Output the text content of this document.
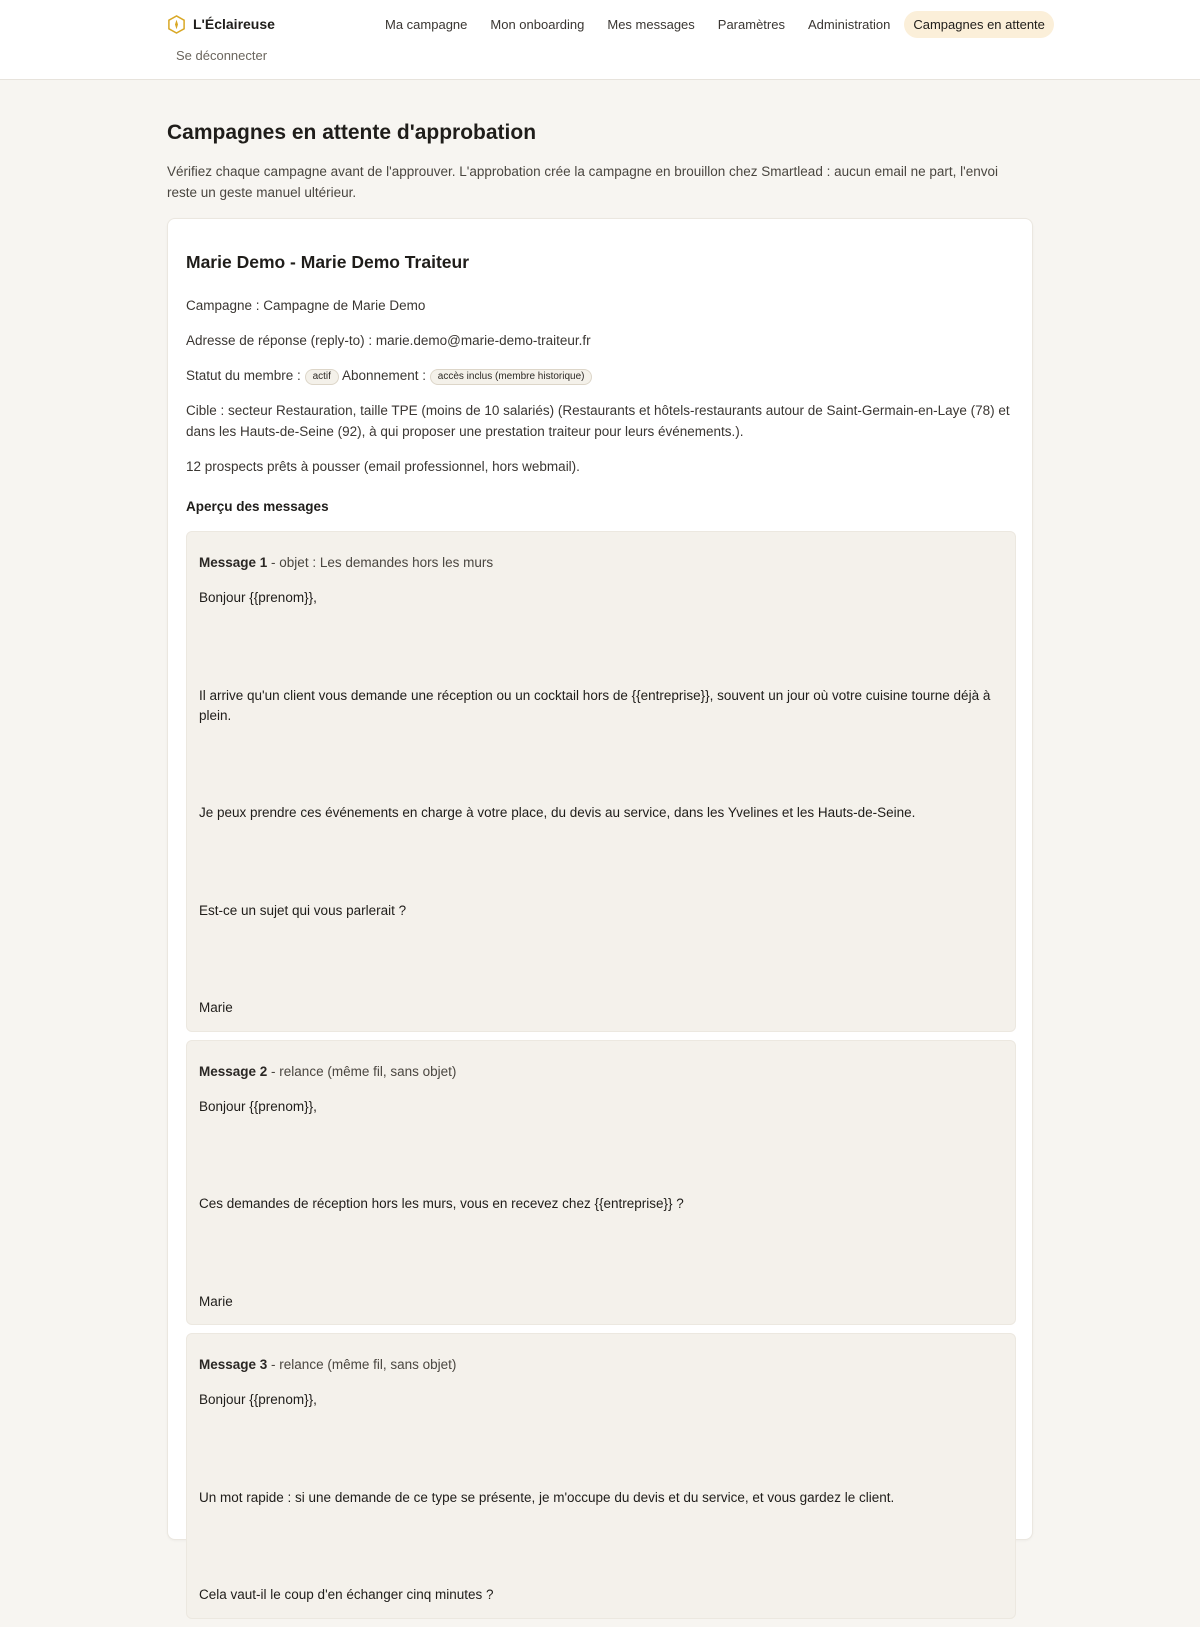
L'Éclaireuse
Se déconnecter
Ma campagne	Mon onboarding	Mes messages	Paramètres	Administration	Campagnes en attente
Campagnes en attente d'approbation

Vérifiez chaque campagne avant de l'approuver. L'approbation crée la campagne en brouillon chez Smartlead : aucun email ne part, l'envoi reste un geste manuel ultérieur.

Marie Demo - Marie Demo Traiteur

Campagne : Campagne de Marie Demo

Adresse de réponse (reply-to) : marie.demo@marie-demo-traiteur.fr

Statut du membre : actif Abonnement : accès inclus (membre historique)

Cible : secteur Restauration, taille TPE (moins de 10 salariés) (Restaurants et hôtels-restaurants autour de Saint-Germain-en-Laye (78) et dans les Hauts-de-Seine (92), à qui proposer une prestation traiteur pour leurs événements.).

12 prospects prêts à pousser (email professionnel, hors webmail).

Aperçu des messages
Message 1 - objet : Les demandes hors les murs
Bonjour {{prenom}},
Il arrive qu'un client vous demande une réception ou un cocktail hors de {{entreprise}}, souvent un jour où votre cuisine tourne déjà à plein.
Je peux prendre ces événements en charge à votre place, du devis au service, dans les Yvelines et les Hauts-de-Seine.
Est-ce un sujet qui vous parlerait ?
Marie
Message 2 - relance (même fil, sans objet)
Bonjour {{prenom}},
Ces demandes de réception hors les murs, vous en recevez chez {{entreprise}} ?
Marie
Message 3 - relance (même fil, sans objet)
Bonjour {{prenom}},
Un mot rapide : si une demande de ce type se présente, je m'occupe du devis et du service, et vous gardez le client.
Cela vaut-il le coup d'en échanger cinq minutes ?
